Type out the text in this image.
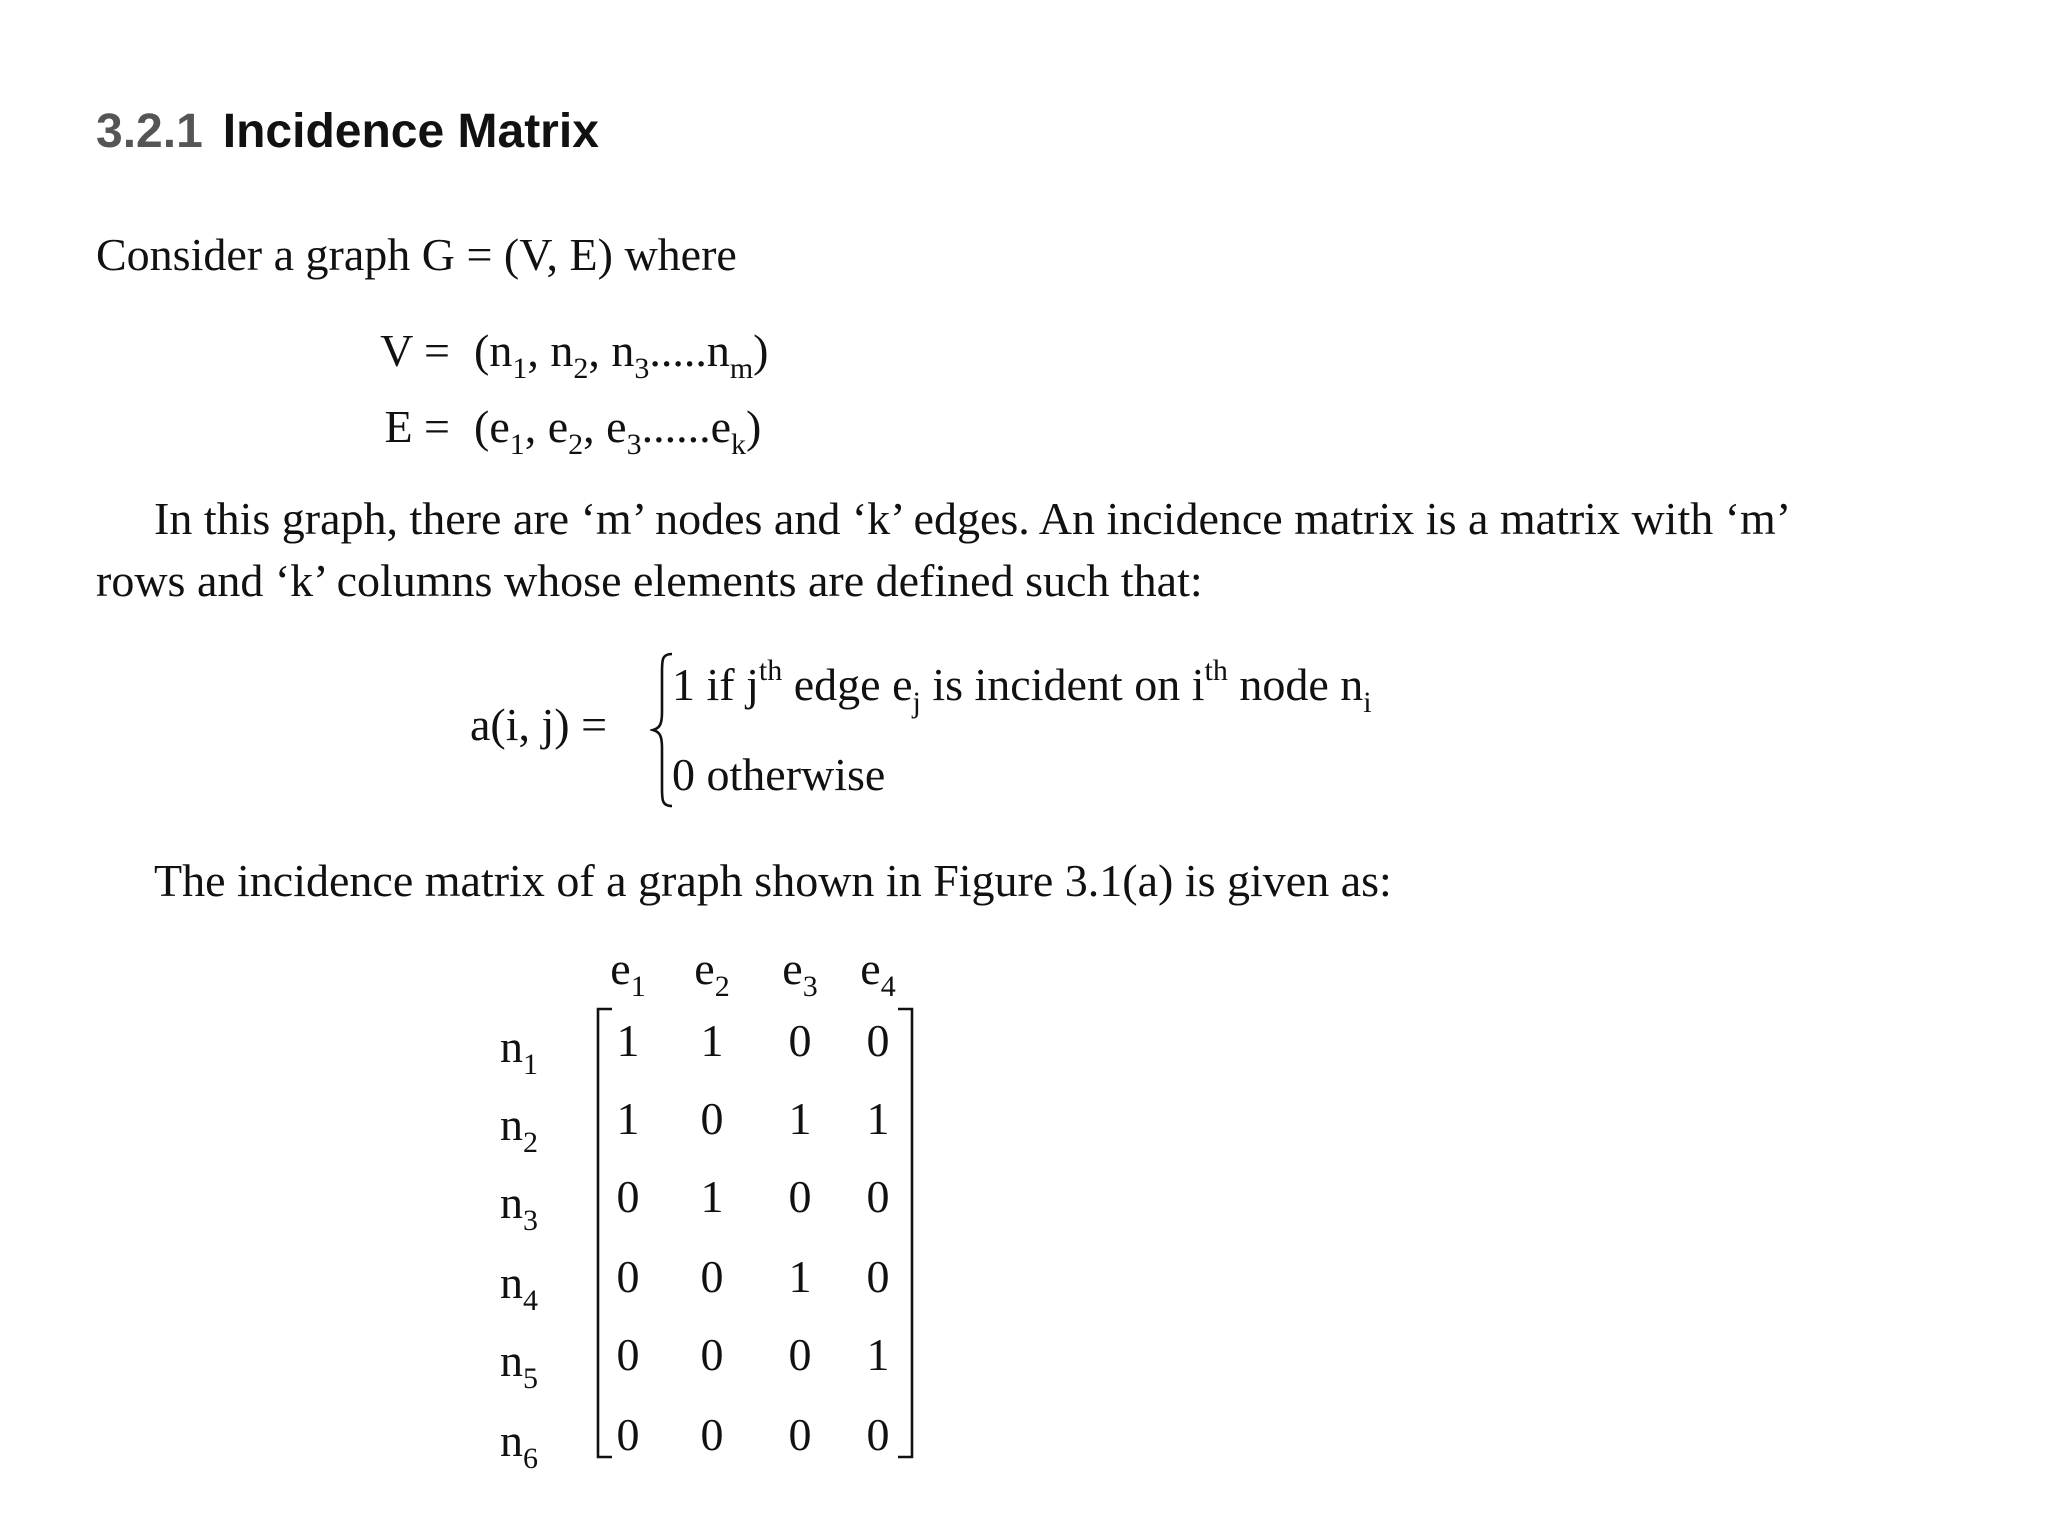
3.2.1 Incidence Matrix
Consider a graph G = (V, E) where
$V = (n_1$, $n_2$, $n_3.....n_m$)
$E = (e_1$, $e_2$, $e_3......e_k$)
In this graph, there are ‘m’ nodes and ‘k’ edges. An incidence matrix is a matrix with ‘m’
rows and ‘k’ columns whose elements are defined such that:
a(i, j) =
1 if $j^{th}$ edge $e_j$ is incident on $i^{th}$ node $n_i$
0 otherwise
The incidence matrix of a graph shown in Figure 3.1(a) is given as:
$e_1$ $e_2$ $e_3$ $e_4$
$n_1$	1	1	0	0
$n_2$	1	0	1	1
$n_3$	0	1	0	0
$n_4$	0	0	1	0
$n_5$	0	0	0	1
$n_6$	0	0	0	0
